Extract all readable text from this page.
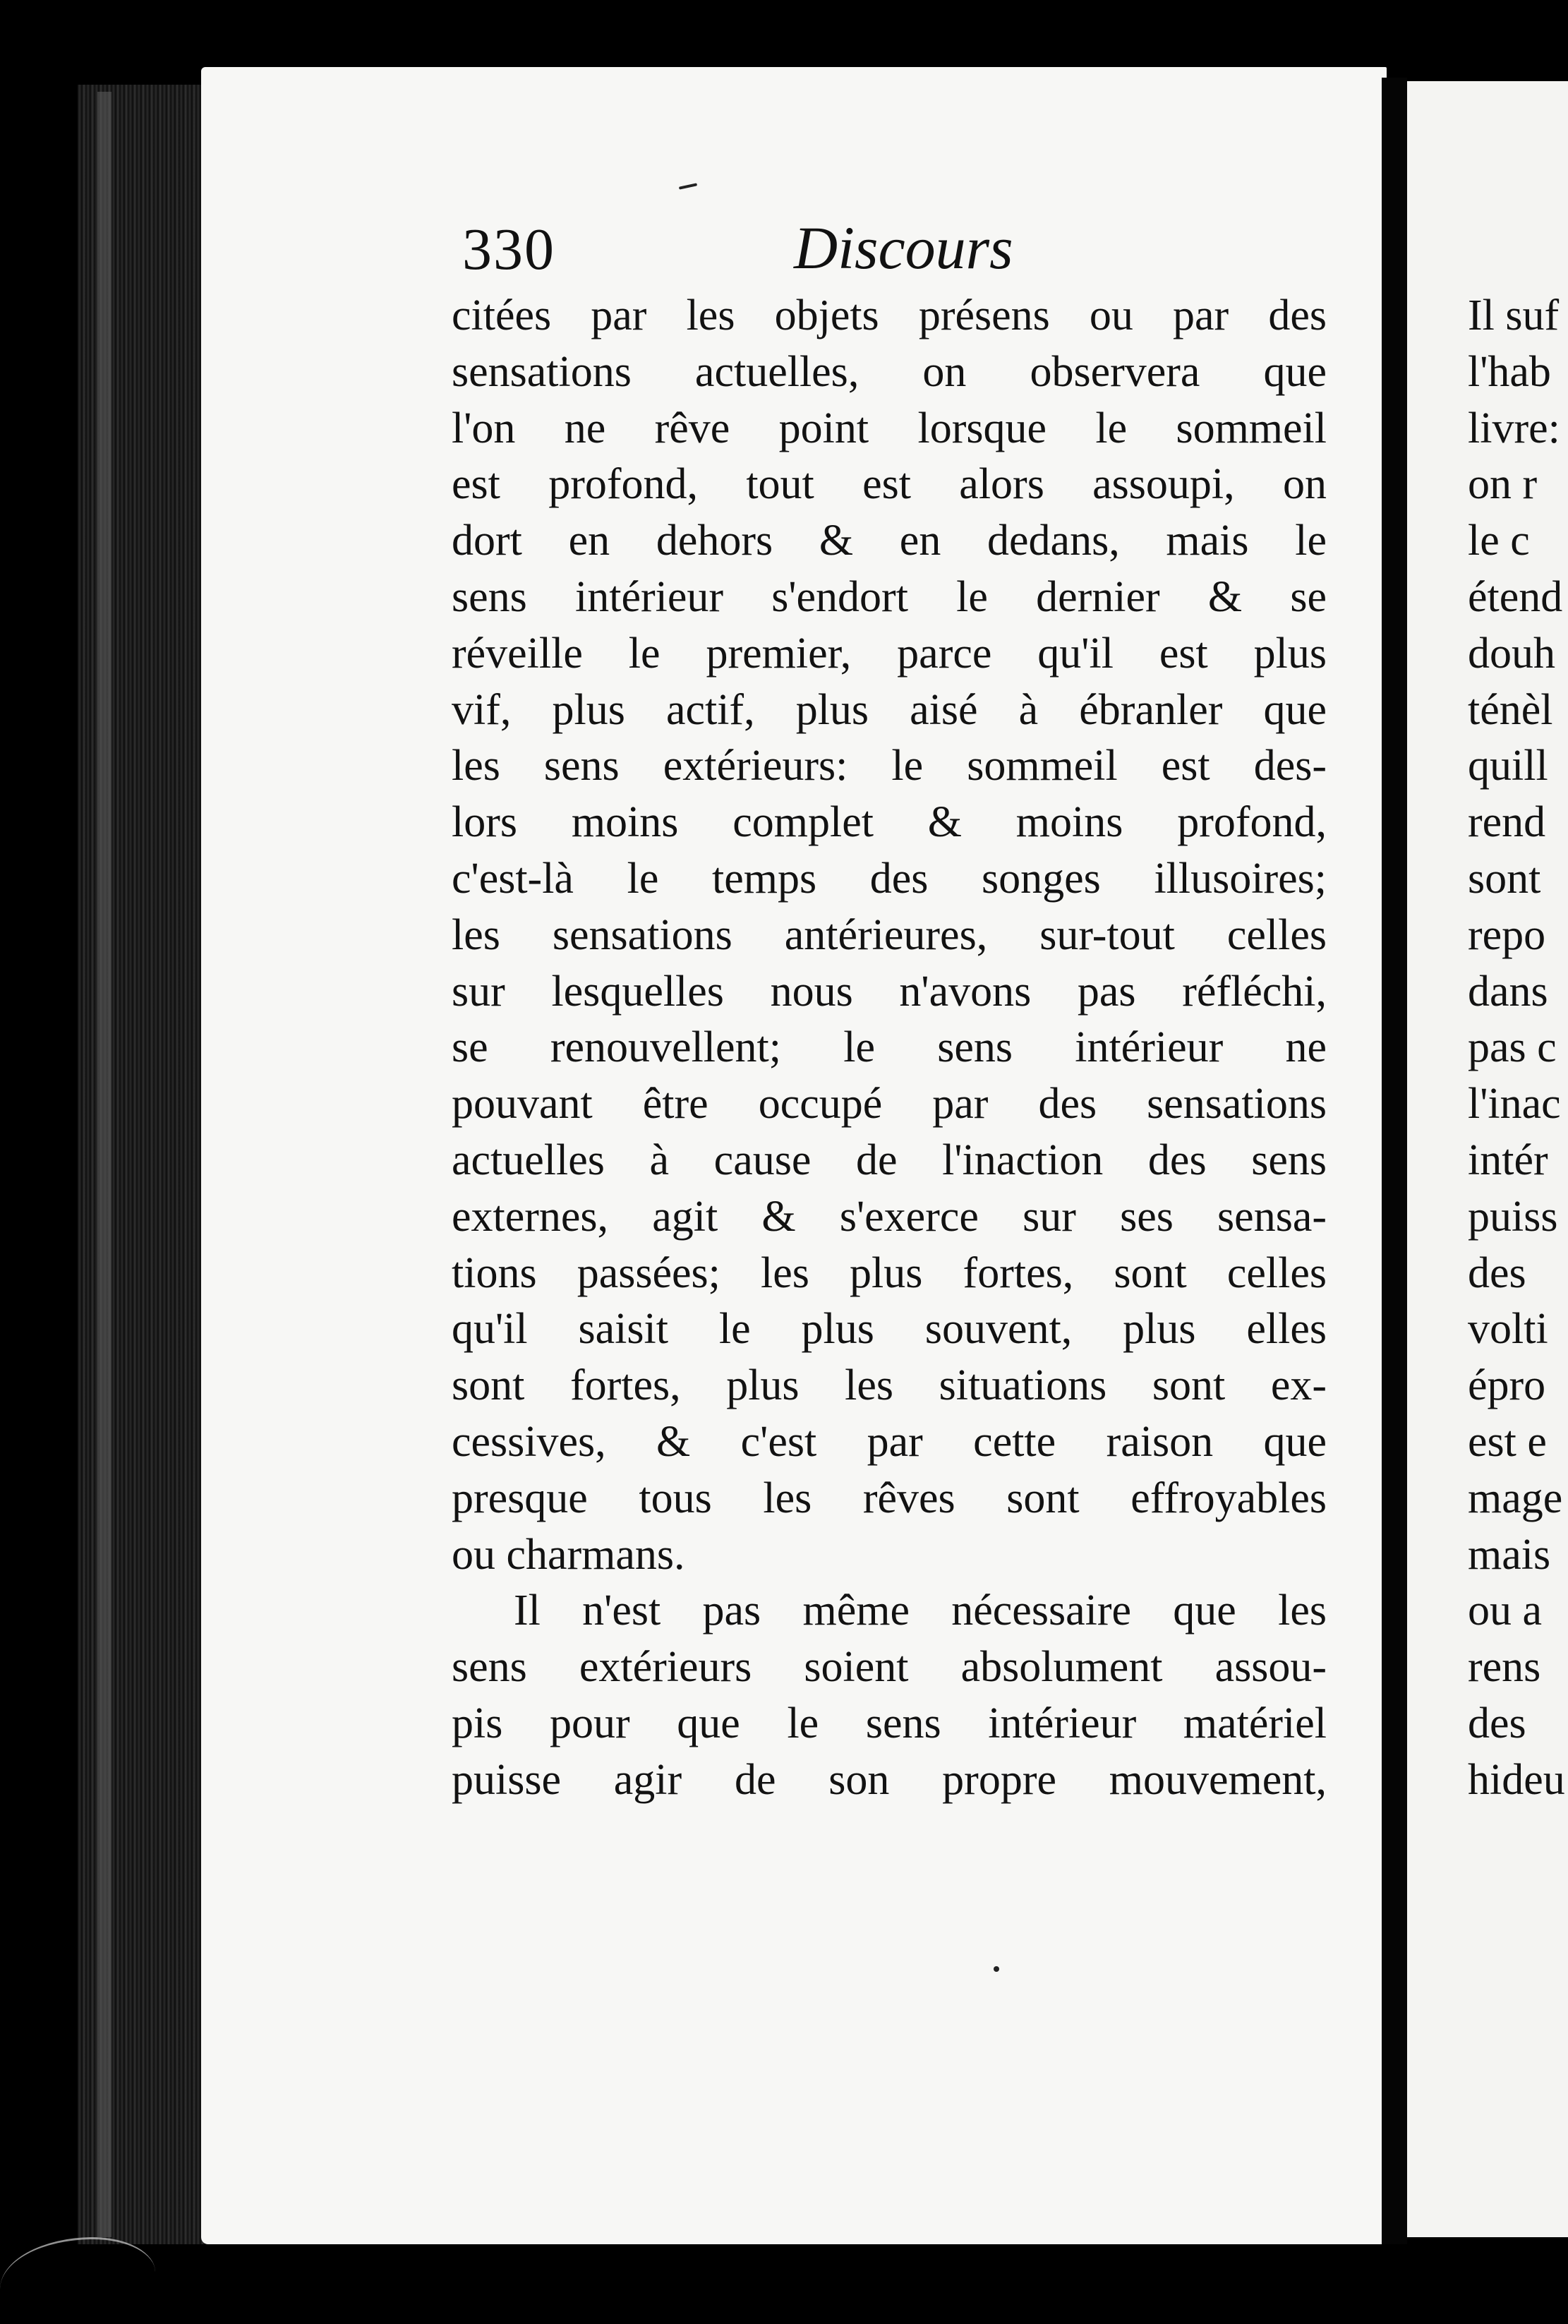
330	Discours
citées par les objets présens ou par des
sensations actuelles, on observera que
l'on ne rêve point lorsque le sommeil
est profond, tout est alors assoupi, on
dort en dehors & en dedans, mais le
sens intérieur s'endort le dernier & se
réveille le premier, parce qu'il est plus
vif, plus actif, plus aisé à ébranler que
les sens extérieurs: le sommeil est des-
lors moins complet & moins profond,
c'est-là le temps des songes illusoires;
les sensations antérieures, sur-tout celles
sur lesquelles nous n'avons pas réfléchi,
se renouvellent; le sens intérieur ne
pouvant être occupé par des sensations
actuelles à cause de l'inaction des sens
externes, agit & s'exerce sur ses sensa-
tions passées; les plus fortes, sont celles
qu'il saisit le plus souvent, plus elles
sont fortes, plus les situations sont ex-
cessives, & c'est par cette raison que
presque tous les rêves sont effroyables
ou charmans.
Il n'est pas même nécessaire que les
sens extérieurs soient absolument assou-
pis pour que le sens intérieur matériel
puisse agir de son propre mouvement,
Il suf
l'hab
livre:
on r
le c
étend
douh
ténèl
quill
rend
sont
repo
dans
pas c
l'inac
intér
puiss
des
volti
épro
est e
mage
mais
ou a
rens
des
hideu
